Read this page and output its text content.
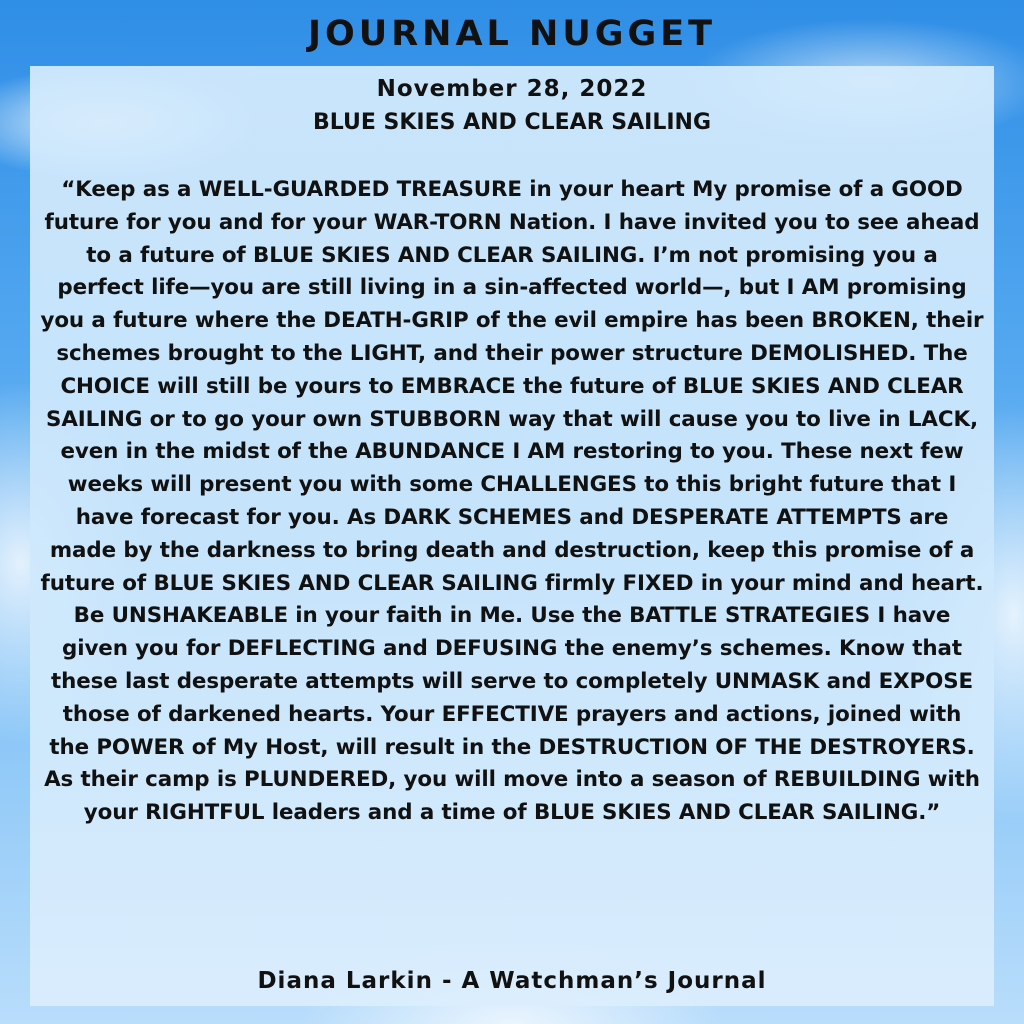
JOURNAL NUGGET
November 28, 2022
BLUE SKIES AND CLEAR SAILING
“Keep as a WELL-GUARDED TREASURE in your heart My promise of a GOOD future for you and for your WAR-TORN Nation. I have invited you to see ahead to a future of BLUE SKIES AND CLEAR SAILING. I’m not promising you a perfect life—you are still living in a sin-affected world—, but I AM promising you a future where the DEATH-GRIP of the evil empire has been BROKEN, their schemes brought to the LIGHT, and their power structure DEMOLISHED. The CHOICE will still be yours to EMBRACE the future of BLUE SKIES AND CLEAR SAILING or to go your own STUBBORN way that will cause you to live in LACK, even in the midst of the ABUNDANCE I AM restoring to you. These next few weeks will present you with some CHALLENGES to this bright future that I have forecast for you. As DARK SCHEMES and DESPERATE ATTEMPTS are made by the darkness to bring death and destruction, keep this promise of a future of BLUE SKIES AND CLEAR SAILING firmly FIXED in your mind and heart. Be UNSHAKEABLE in your faith in Me. Use the BATTLE STRATEGIES I have given you for DEFLECTING and DEFUSING the enemy’s schemes. Know that these last desperate attempts will serve to completely UNMASK and EXPOSE those of darkened hearts. Your EFFECTIVE prayers and actions, joined with the POWER of My Host, will result in the DESTRUCTION OF THE DESTROYERS. As their camp is PLUNDERED, you will move into a season of REBUILDING with your RIGHTFUL leaders and a time of BLUE SKIES AND CLEAR SAILING.”
Diana Larkin - A Watchman’s Journal
